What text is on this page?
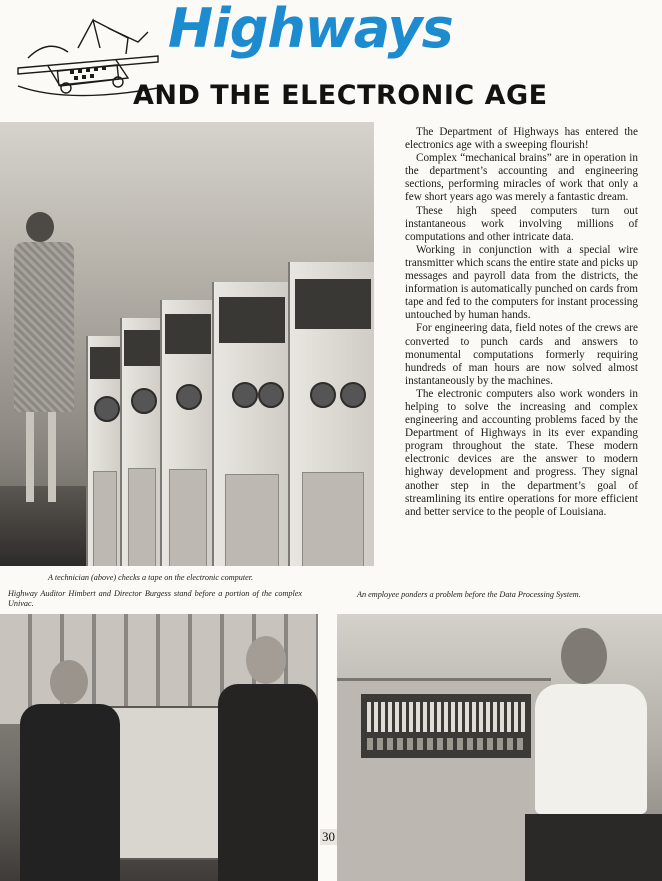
Highways
AND THE ELECTRONIC AGE

The Department of Highways has entered the electronics age with a sweeping flourish!

Complex “mechanical brains” are in operation in the department’s accounting and engineering sections, performing miracles of work that only a few short years ago was merely a fantastic dream.

These high speed computers turn out instantaneous work involving millions of computations and other intricate data.

Working in conjunction with a special wire transmitter which scans the entire state and picks up messages and payroll data from the districts, the information is automatically punched on cards from tape and fed to the computers for instant processing untouched by human hands.

For engineering data, field notes of the crews are converted to punch cards and answers to monumental computations formerly requiring hundreds of man hours are now solved almost instantaneously by the machines.

The electronic computers also work wonders in helping to solve the increasing and complex engineering and accounting problems faced by the Department of Highways in its ever expanding program throughout the state. These modern electronic devices are the answer to modern highway development and progress. They signal another step in the department’s goal of streamlining its entire operations for more efficient and better service to the people of Louisiana.

A technician (above) checks a tape on the electronic computer.
Highway Auditor Himbert and Director Burgess stand before a portion of the complex Univac.
An employee ponders a problem before the Data Processing System.
30
